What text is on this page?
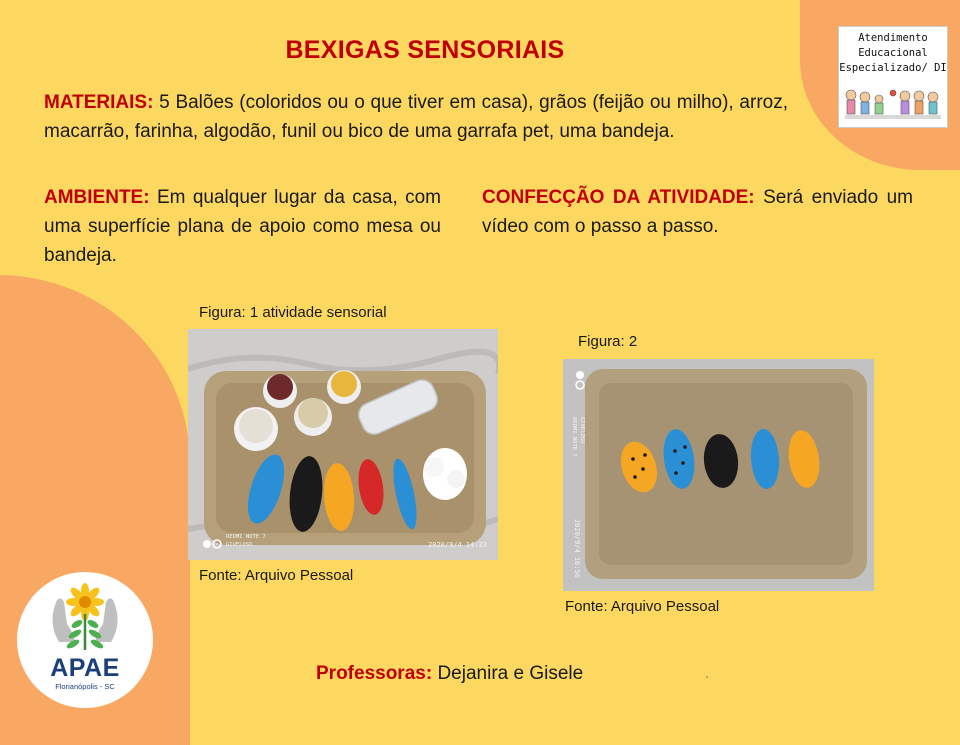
BEXIGAS SENSORIAIS
MATERIAIS: 5 Balões (coloridos ou o que tiver em casa), grãos (feijão ou milho), arroz, macarrão, farinha, algodão, funil ou bico de uma garrafa pet, uma bandeja.
AMBIENTE: Em qualquer lugar da casa, com uma superfície plana de apoio como mesa ou bandeja.
CONFECÇÃO DA ATIVIDADE: Será enviado um vídeo com o passo a passo.
Atendimento
Educacional
Especializado/ DI
Figura: 1 atividade sensorial
REDMI NOTE 7
GIVELOSO	2020/9/4 14:23
Fonte: Arquivo Pessoal
Figura: 2
REDMI NOTE 7 GIVELOSO
2020/9/4 16:56
Fonte: Arquivo Pessoal
APAE
Florianópolis - SC
Professoras: Dejanira e Gisele
